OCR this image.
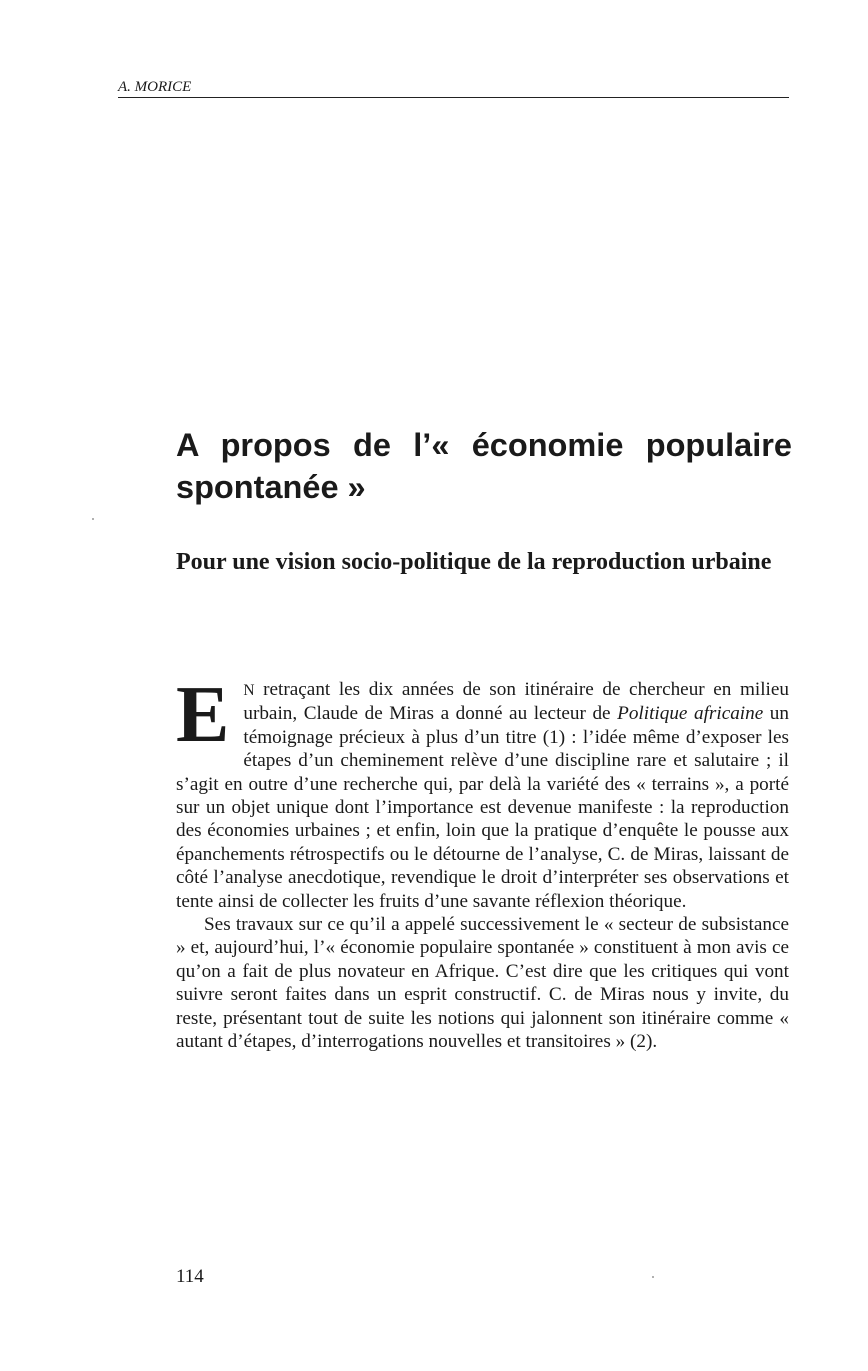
A. MORICE
A propos de l’« économie populaire spontanée »
Pour une vision socio-politique de la reproduction urbaine

E N retraçant les dix années de son itinéraire de chercheur en milieu urbain, Claude de Miras a donné au lecteur de Politique africaine un témoignage précieux à plus d’un titre (1) : l’idée même d’exposer les étapes d’un cheminement relève d’une discipline rare et salutaire ; il s’agit en outre d’une recherche qui, par delà la variété des « terrains », a porté sur un objet unique dont l’importance est devenue manifeste : la reproduction des économies urbaines ; et enfin, loin que la pratique d’enquête le pousse aux épanchements rétrospectifs ou le détourne de l’analyse, C. de Miras, laissant de côté l’analyse anecdotique, revendique le droit d’interpréter ses observations et tente ainsi de collecter les fruits d’une savante réflexion théorique.

Ses travaux sur ce qu’il a appelé successivement le « secteur de subsistance » et, aujourd’hui, l’« économie populaire spontanée » constituent à mon avis ce qu’on a fait de plus novateur en Afrique. C’est dire que les critiques qui vont suivre seront faites dans un esprit constructif. C. de Miras nous y invite, du reste, présentant tout de suite les notions qui jalonnent son itinéraire comme « autant d’étapes, d’interrogations nouvelles et transitoires » (2).

114
